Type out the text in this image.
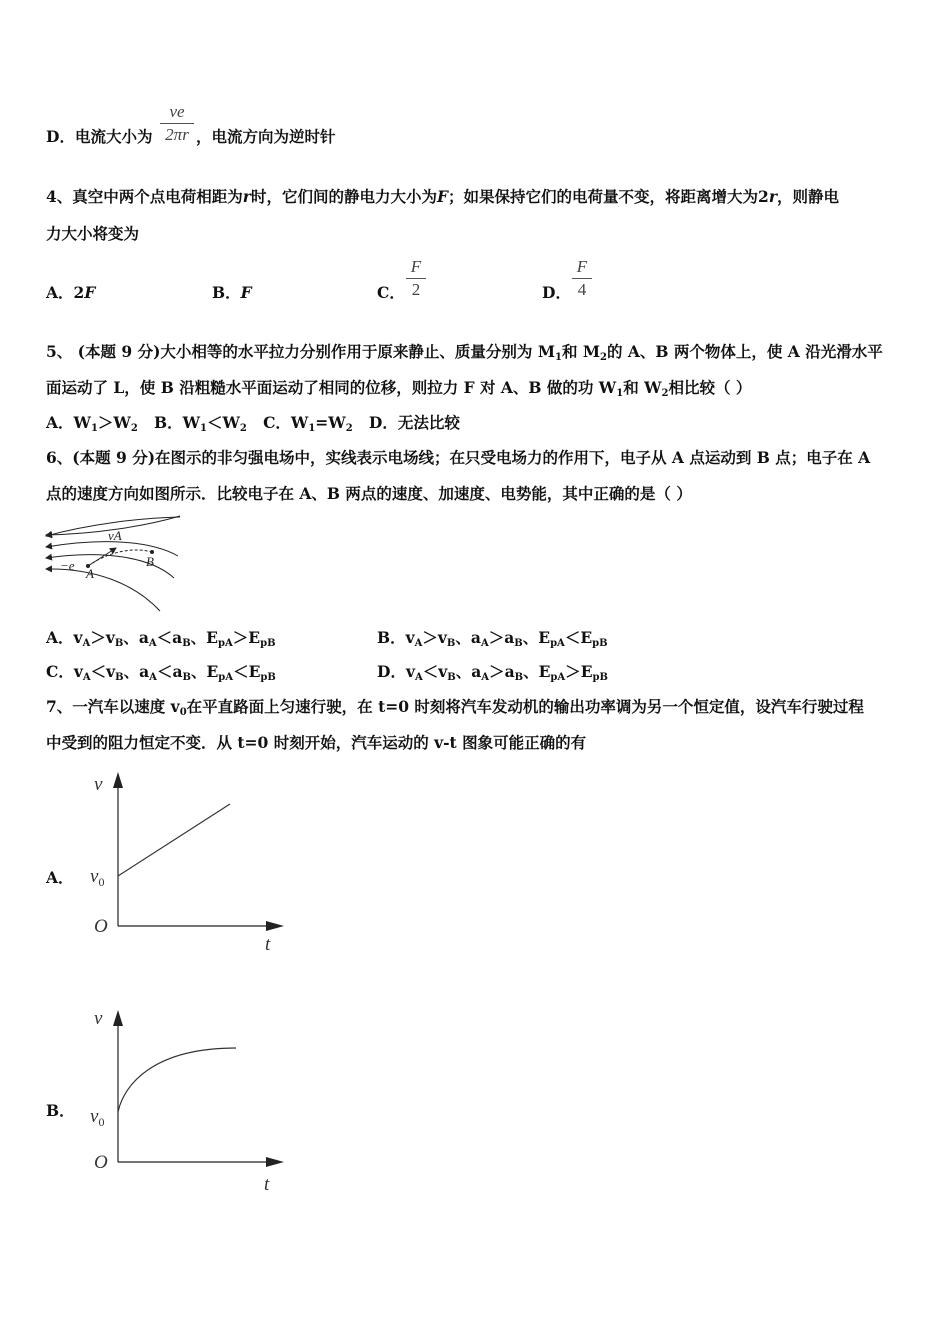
D．电流大小为
ve
2πr ，电流方向为逆时针
4、真空中两个点电荷相距为r时，它们间的静电力大小为F；如果保持它们的电荷量不变，将距离增大为2r，则静电
力大小将变为
A．2F	B．F	C．
F
2	D．
F
4
5、 (本题 9 分)大小相等的水平拉力分别作用于原来静止、质量分别为 $M_1$和 $M_2$的 A、B 两个物体上，使 A 沿光滑水平
面运动了 L，使 B 沿粗糙水平面运动了相同的位移，则拉力 F 对 A、B 做的功 $W_1$和 $W_2$相比较（ ）
A．$W_1>W_2$ B．$W_1<W_2$ C．$W_1=W_2$ D．无法比较
6、(本题 9 分)在图示的非匀强电场中，实线表示电场线；在只受电场力的作用下，电子从 A 点运动到 B 点；电子在 A
点的速度方向如图所示．比较电子在 A、B 两点的速度、加速度、电势能，其中正确的是（ ）
vA
−e
A
B
A．$v_A>v_B$、$a_A<a_B$、$E_{pA}>E_{pB}$	B．$v_A>v_B$、$a_A>a_B$、$E_{pA}<E_{pB}$
C．$v_A<v_B$、$a_A<a_B$、$E_{pA}<E_{pB}$	D．$v_A<v_B$、$a_A>a_B$、$E_{pA}>E_{pB}$
7、一汽车以速度 $v_0$在平直路面上匀速行驶，在 t=0 时刻将汽车发动机的输出功率调为另一个恒定值，设汽车行驶过程
中受到的阻力恒定不变．从 t=0 时刻开始，汽车运动的 v-t 图象可能正确的有
A．
v
t
O
$v_0$
B．
v
t
O
$v_0$
